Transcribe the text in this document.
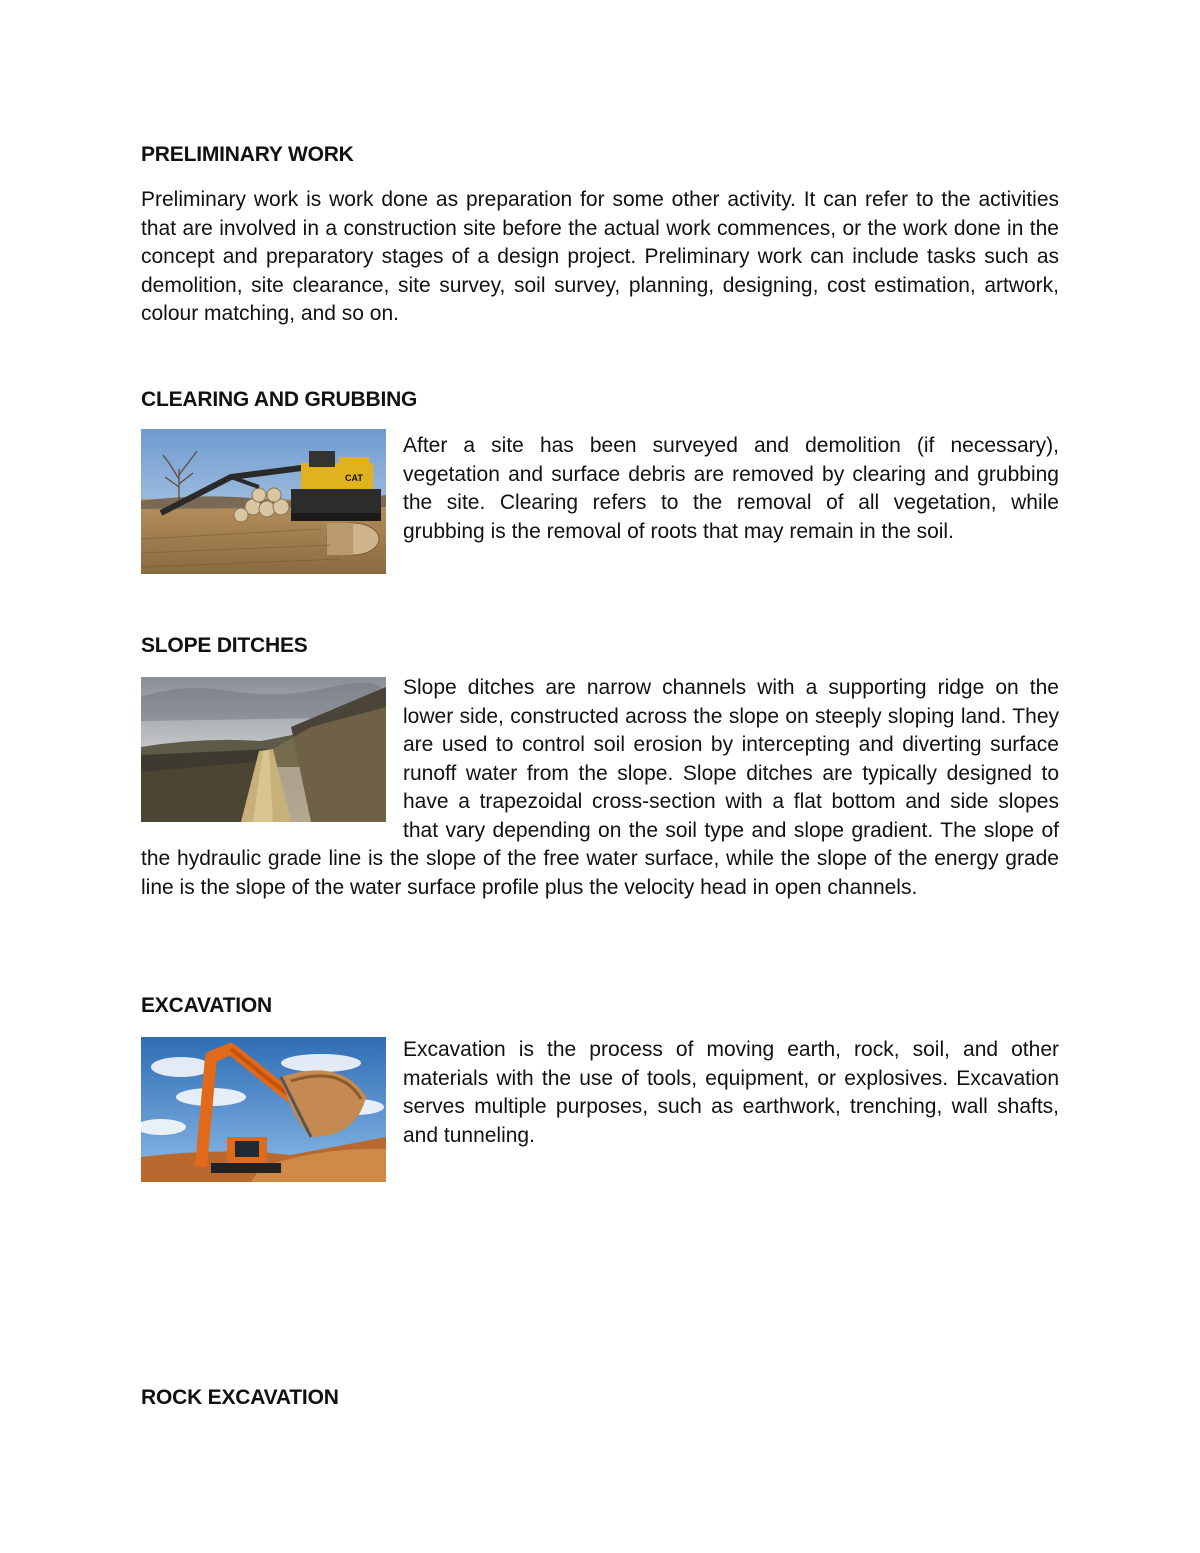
PRELIMINARY WORK

Preliminary work is work done as preparation for some other activity. It can refer to the activities that are involved in a construction site before the actual work commences, or the work done in the concept and preparatory stages of a design project. Preliminary work can include tasks such as demolition, site clearance, site survey, soil survey, planning, designing, cost estimation, artwork, colour matching, and so on.

CLEARING AND GRUBBING
CAT

After a site has been surveyed and demolition (if necessary), vegetation and surface debris are removed by clearing and grubbing the site. Clearing refers to the removal of all vegetation, while grubbing is the removal of roots that may remain in the soil.

SLOPE DITCHES

Slope ditches are narrow channels with a supporting ridge on the lower side, constructed across the slope on steeply sloping land. They are used to control soil erosion by intercepting and diverting surface runoff water from the slope. Slope ditches are typically designed to have a trapezoidal cross-section with a flat bottom and side slopes that vary depending on the soil type and slope gradient. The slope of the hydraulic grade line is the slope of the free water surface, while the slope of the energy grade line is the slope of the water surface profile plus the velocity head in open channels.

EXCAVATION

Excavation is the process of moving earth, rock, soil, and other materials with the use of tools, equipment, or explosives. Excavation serves multiple purposes, such as earthwork, trenching, wall shafts, and tunneling.

ROCK EXCAVATION
